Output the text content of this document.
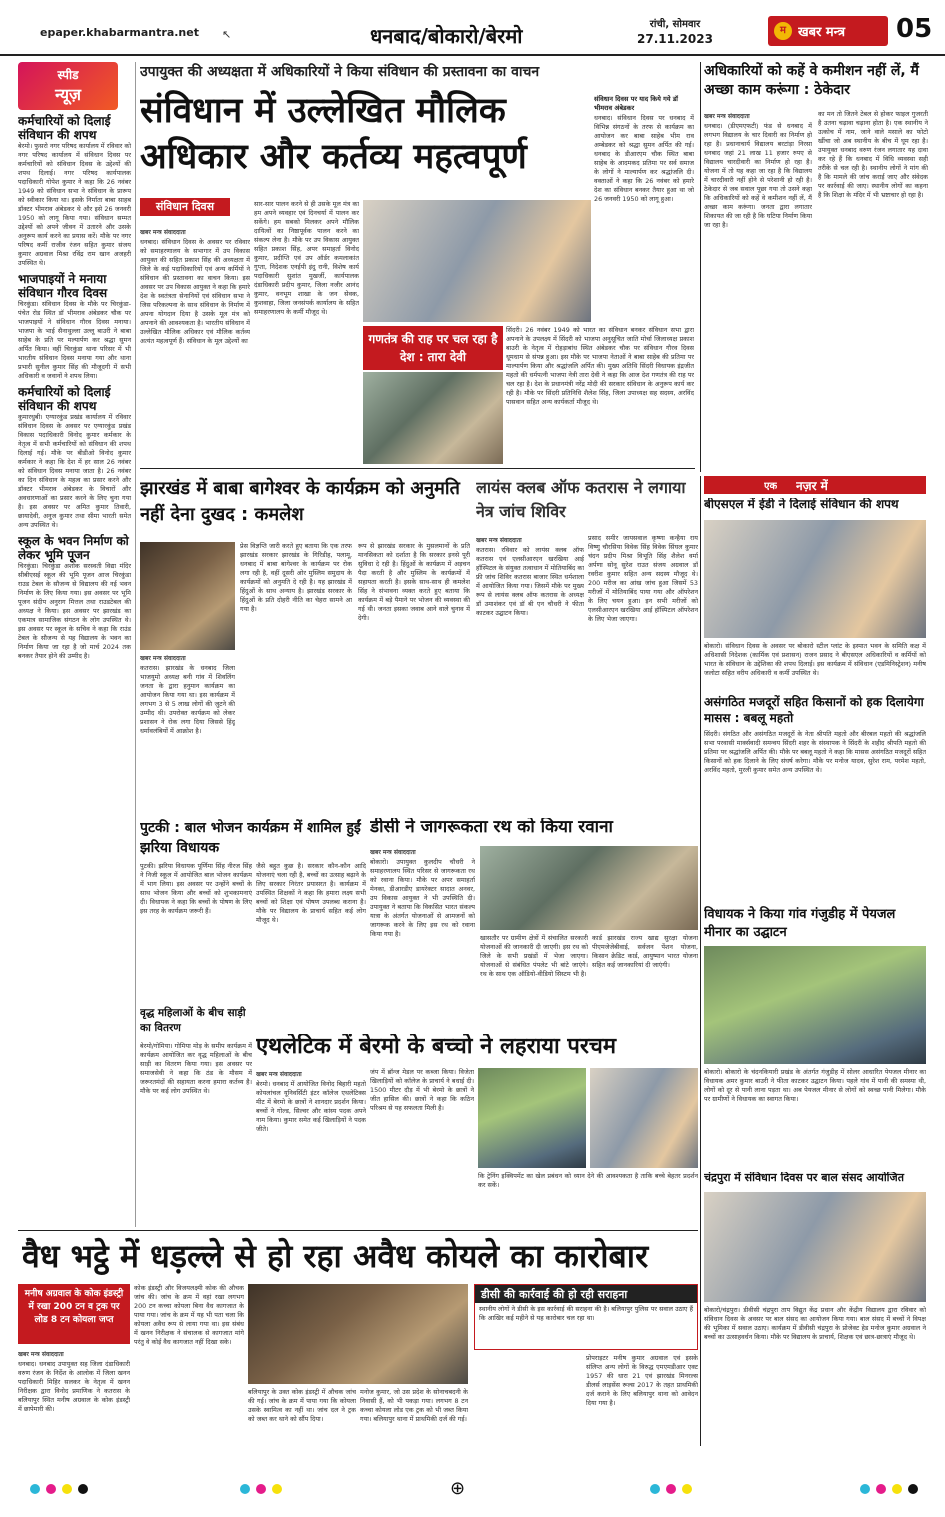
epaper.khabarmantra.net	↖	धनबाद/बोकारो/बेरमो	रांची, सोमवार
27.11.2023
म खबर मन्त्र	05
स्पीड
न्यूज़
कर्मचारियों को दिलाई संविधान की शपथ
बेरमो। फुसरो नगर परिषद कार्यालय में रविवार को नगर परिषद कार्यालय में संविधान दिवस पर कर्मचारियों को संविधान दिवस के उद्देश्यों की शपथ दिलाई। नगर परिषद कार्यपालक पदाधिकारी गोपेश कुमार ने कहा कि 26 नवंबर 1949 को संविधान सभा ने संविधान के प्रारूप को स्वीकार किया था। इसके निर्माता बाबा साहब डॉक्टर भीमराव अंबेडकर थे और इसे 26 जनवरी 1950 को लागू किया गया। संविधान सम्मत उद्देश्यों को अपने जीवन में उतारने और उसके अनुरूप कार्य करने का प्रयास करें। मौके पर नगर परिषद कर्मी राजीव रंजन सहित कुमार संजय कुमार अग्रवाल मिश्रा रविंद्र राम खान अजहरी उपस्थित थे।
भाजपाइयों ने मनाया संविधान गौरव दिवस
चिरकुंडा। संविधान दिवस के मौके पर चिरकुंडा-पंचेत रोड स्थित डॉ भीमराव अंबेडकर चौक पर भाजपाइयों ने संविधान गौरव दिवस मनाया। भाजपा के भाई सैनाथुल्ला उल्लू बाउरी ने बाबा साहेब के प्रति पर मल्यार्पण कर श्रद्धा सुमन अर्पित किया। वहीं चिरकुंडा थाना परिसर में भी भारतीय संविधान दिवस मनाया गया और थाना प्रभारी सुनील कुमार सिंह की मौजूदगी में सभी अधिकारी व जवानों ने शपथ लिया।
कर्मचारियों को दिलाई संविधान की शपथ
कुमारधुबी। एग्यारकुंड प्रखंड कार्यालय में रविवार संविधान दिवस के अवसर पर एग्यारकुंड प्रखंड विकास पदाधिकारी विनोद कुमार कर्मकार के नेतृत्व में सभी कर्मचारियों को संविधान की शपथ दिलाई गई। मौके पर बीडीओ विनोद कुमार कर्मकार ने कहा कि देश में हर साल 26 नवंबर को संविधान दिवस मनाया जाता है। 26 नवंबर का दिन संविधान के महत्व का प्रसार करने और डॉक्टर भीमराव अंबेडकर के विचारों और अवधारणाओं का प्रसार करने के लिए चुना गया है। इस अवसर पर अमित कुमार तिवारी, छायादेवी, अनुज कुमार तथा सीमा भारती समेत अन्य उपस्थित थे।
स्कूल के भवन निर्माण को लेकर भूमि पूजन
चिरकुंडा। चिरकुंडा अशोक सरस्वती विद्या मंदिर सीबीएसई स्कूल की भूमि पूजन आज चिरकुंडा राउड टेबल के सौजन्य से विद्यालय की नई भवन निर्माण के लिए किया गया। इस अवसर पर भूमि पूजन संदीप अनुराग मित्तल तथा राउडटेबल की अध्यक्ष ने किया। इस अवसर पर झारखंड का एकमात्र सामाजिक संगठन के लोग उपस्थित थे। इस अवसर पर स्कूल के सचिव ने कहा कि राउंड टेबल के सौजन्य से यह विद्यालय के भवन का निर्माण किया जा रहा है जो मार्च 2024 तक बनकर तैयार होने की उम्मीद है।
उपायुक्त की अध्यक्षता में अधिकारियों ने किया संविधान की प्रस्तावना का वाचन
संविधान में उल्लेखित मौलिक अधिकार और कर्तव्य महत्वपूर्ण
संविधान दिवस
खबर मन्त्र संवाददाता
धनबाद। संविधान दिवस के अवसर पर रविवार को समाहरणालय के सभागार में उप विकास आयुक्त की सहित प्रकाश सिंह की अध्यक्षता में जिले के कई पदाधिकारियों एवं अन्य कर्मियों ने संविधान की प्रस्तावना का वाचन किया। इस अवसर पर उप विकास आयुक्त ने कहा कि हमारे देश के स्वतंत्रता सेनानियों एवं संविधान सभा ने जिस परिकल्पना के साथ संविधान के निर्माण में अपना योगदान दिया है उसके मूल मंत्र को अपनाने की आवश्यकता है। भारतीय संविधान में उल्लेखित मौलिक अधिकार एवं मौलिक कर्तव्य अत्यंत महत्वपूर्ण हैं। संविधान के मूल उद्देश्यों का
सार-सार पालन करने से ही उसके मूल मंत्र का हम अपने व्यवहार एवं दिनचर्या में पालन कर सकेंगे। हम सबको मिलकर अपने मौलिक दायित्वों का निष्ठापूर्वक पालन करने का संकल्प लेना है। मौके पर उप विकास आयुक्त सहित प्रकाश सिंह, अपर समाहर्ता विनोद कुमार, प्रदीप्ति एवं उप ऑर्डर कमलाकांत गुप्ता, निदेशक एनईपी इंदु रानी, विशेष कार्य पदाधिकारी सुशांत मुखर्जी, कार्यपालक दंडाधिकारी प्रदीप कुमार, जिला नजीर आनंद कुमार, वनभूम शाखा के जन सेवक, कुशवाहा, जिला जनसंपर्क कार्यालय के सहित समाहरणालय के कर्मी मौजूद थे।
संविधान दिवस पर याद किये गये डॉ भीमराव अंबेडकर
धनबाद। संविधान दिवस पर धनबाद में विभिन्न संगठनों के तरफ से कार्यक्रम का आयोजन कर बाबा साहेब भीम राव अम्बेडकर को श्रद्धा सुमन अर्पित की गई। धनबाद के डीआरएम चौक स्थित बाबा साहेब के आदमकद प्रतिमा पर सर्व समाज के लोगों ने माल्यार्पण कर श्रद्धांजलि दी। वक्ताओं ने कहा कि 26 नवंबर को हमारे देश का संविधान बनकर तैयार हुआ था जो 26 जनवरी 1950 को लागू हुआ।
गणतंत्र की राह पर चल रहा है देश : तारा देवी
सिंदरी। 26 नवंबर 1949 को भारत का संविधान बनकर संविधान सभा द्वारा अपनाने के उपलक्ष्य में सिंदरी को भाजपा अनुसूचित जाति मोर्चा जिलाध्यक्ष प्रकाश बाउरी के नेतृत्व में रोहड़ाबांध स्थित अंबेडकर चौक पर संविधान गौरव दिवस धूमधाम से संपन्न हुआ। इस मौके पर भाजपा नेताओं ने बाबा साहेब की प्रतिमा पर माल्यार्पण किया और श्रद्धांजलि अर्पित की। मुख्य अतिथि सिंदरी विधायक इंद्रजीत महतो की धर्मपत्नी भाजपा नेत्री तारा देवी ने कहा कि आज देश गणतंत्र की राह पर चल रहा है। देश के प्रधानमंत्री नरेंद्र मोदी की सरकार संविधान के अनुरूप कार्य कर रही है। मौके पर सिंदरी प्रतिनिधि शैलेश सिंह, जिला उपाध्यक्ष सह सदस्य, अरविंद पासवान सहित अन्य कार्यकर्ता मौजूद थे।
अधिकारियों को कहें वे कमीशन नहीं लें, मैं अच्छा काम करूंगा : ठेकेदार
खबर मन्त्र संवाददाता
धनबाद। (डीएमएफटी) फंड से धनबाद में लगभग विद्यालय के चार दिवारी का निर्माण हो रहा है। प्रधानाचार्य विद्यालय बरटांड़ा निरसा धनबाद जहां 21 लाख 11 हजार रुपए से विद्यालय चारदीवारी का निर्माण हो रहा है। योजना में तो यह कहा जा रहा है कि विद्यालय में चारदीवारी नहीं होने से परेशानी हो रही है। ठेकेदार से जब सवाल पूछा गया तो उसने कहा कि अधिकारियों को कहें वे कमीशन नहीं लें, मैं अच्छा काम करूंगा। जनता द्वारा लगातार शिकायत की जा रही है कि घटिया निर्माण किया जा रहा है।
का मन तो जितने टेबल से होकर फाइल गुजरती है उतना चढ़ावा चढ़ाना होता है। एक स्थानीय ने उत्कोच में नाम, जाने वाले मसाले का फोटो खींचा जो अब स्थानीय के बीच में घूम रहा है। उपायुक्त धनबाद वरुण रंजन लगातार यह दावा कर रहे हैं कि धनबाद में विधि व्यवस्था सही तरीके से चल रही है। स्थानीय लोगों ने मांग की है कि मामले की जांच कराई जाए और संवेदक पर कार्रवाई की जाए। स्थानीय लोगों का कहना है कि शिक्षा के मंदिर में भी भ्रष्टाचार हो रहा है।
झारखंड में बाबा बागेश्वर के कार्यक्रम को अनुमति नहीं देना दुखद : कमलेश
खबर मन्त्र संवाददाता
कतरास। झारखंड के धनबाद जिला भाजयुमो अध्यक्ष बनी गांव में शिवलिंग जनता के द्वारा हनुमान कार्यक्रम का आयोजन किया गया था। इस कार्यक्रम में लगभग 3 से 5 लाख लोगों की जुटने की उम्मीद थी। उपरोक्त कार्यक्रम को लेकर प्रशासन ने रोक लगा दिया जिससे हिंदू धर्मावलंबियों में आक्रोश है।
प्रेस विज्ञप्ति जारी करते हुए बताया कि एक तरफ झारखंड सरकार झारखंड के गिरिडीह, पलामू, धनबाद में बाबा बागेश्वर के कार्यक्रम पर रोक लगा रही है, वहीं दूसरी ओर मुस्लिम समुदाय के कार्यक्रमों को अनुमति दे रही है। यह झारखंड में हिंदुओं के साथ अन्याय है। झारखंड सरकार के हिंदुओं के प्रति दोहरी नीति का चेहरा सामने आ गया है।
रूप से झारखंड सरकार के मुसलमानों के प्रति मानसिकता को दर्शाता है कि सरकार इनसे पूरी सुविधा दे रही है। हिंदुओं के कार्यक्रम में अड़चन पैदा करती है और मुस्लिम के कार्यक्रमों में सहायता करती है। इसके साथ-साथ ही कमलेश सिंह ने संभावना व्यक्त करते हुए बताया कि कार्यक्रम में बड़े पैमाने पर भोजन की व्यवस्था की गई थी। जनता इसका जवाब आने वाले चुनाव में देगी।
लायंस क्लब ऑफ कतरास ने लगाया नेत्र जांच शिविर
खबर मन्त्र संवाददाता
कतरास। रविवार को लायंस क्लब ऑफ कतरास एवं एलसीआरएन खरखिया आई हॉस्पिटल के संयुक्त तत्वाधान में मोतियाबिंद का फ्री जांच शिविर कतरास बाजार स्थित धर्मशाला में आयोजित किया गया। जिसमें मौके पर मुख्य रूप से लायंस क्लब ऑफ कतरास के अध्यक्ष डॉ उमाशंकर एवं डॉ बी एन चौधरी ने फीता काटकर उद्घाटन किया।
प्रसाद समीर जायसवाल कृष्णा कन्हैया राय विष्णु चौरसिया विवेक सिंह विवेक सिंघल कुमार चंदन प्रदीप मिश्रा विभूति सिंह शैलेश वर्मा अर्पणा सोनू सुरेश राउत संजय अग्रवाल डॉ रवरीश कुमार सहित अन्य सदस्य मौजूद थे। 200 मरीज का आंख जांच हुआ जिसमें 53 मरीजों में मोतियाबिंद पाया गया और ऑपरेशन के लिए चयन हुआ। इन सभी मरीजों को एलसीआरएन खरखिया आई हॉस्पिटल ऑपरेशन के लिए भेजा जाएगा।
एक नज़र में
बीएसएल में ईडी ने दिलाई संविधान की शपथ
बोकारो। संविधान दिवस के अवसर पर बोकारो स्टील प्लांट के इस्पात भवन के समिति कक्ष में अधिशासी निदेशक (कार्मिक एवं प्रशासन) राजन प्रसाद ने बीएसएल अधिकारियों व कर्मियों को भारत के संविधान के उद्देशिका की शपथ दिलाई। इस कार्यक्रम में संविधान (एडमिनिस्ट्रेशन) मनीष जलोटा सहित वरीय अधिकारी व कर्मी उपस्थित थे।
असंगठित मजदूरों सहित किसानों को हक दिलायेगा मासस : बबलू महतो
सिंदरी। संगठित और असंगठित मजदूरों के नेता श्रीपति महतो और बीरबल महतो की श्रद्धांजलि सभा परवासी मार्क्सवादी समन्वय सिंदरी शहर के संस्थापक ने सिंदरी के शहीद श्रीपति महतो की प्रतिमा पर श्रद्धांजलि अर्पित की। मौके पर बबलू महतो ने कहा कि मासस असंगठित मजदूरों सहित किसानों को हक दिलाने के लिए संघर्ष करेगा। मौके पर मनोज यादव, सुरेश राम, परमेश महतो, अरविंद महतो, मुरली कुमार समेत अन्य उपस्थित थे।
विधायक ने किया गांव गंजुडीह में पेयजल मीनार का उद्घाटन
बोकारो। बोकारो के चंदनकियारी प्रखंड के अंतर्गत गंजुडीह में सोलर आधारित पेयजल मीनार का विधायक अमर कुमार बाउरी ने फीता काटकर उद्घाटन किया। पहले गांव में पानी की समस्या थी, लोगों को दूर से पानी लाना पड़ता था। अब पेयजल मीनार से लोगों को स्वच्छ पानी मिलेगा। मौके पर ग्रामीणों ने विधायक का स्वागत किया।
चंद्रपुरा में संविधान दिवस पर बाल संसद आयोजित
बोकारो/चंद्रपुरा। डीवीसी चंद्रपुरा ताप विद्युत केंद्र प्रधान और केंद्रीय विद्यालय द्वारा रविवार को संविधान दिवस के अवसर पर बाल संसद का आयोजन किया गया। बाल संसद में बच्चों ने विपक्ष की भूमिका में सवाल उठाए। कार्यक्रम में डीवीसी चंद्रपुरा के प्रोजेक्ट हेड मनोज कुमार अग्रवाल ने बच्चों का उत्साहवर्धन किया। मौके पर विद्यालय के प्राचार्य, शिक्षक एवं छात्र-छात्राएं मौजूद थे।
पुटकी : बाल भोजन कार्यक्रम में शामिल हुईं झरिया विधायक
पुटकी। झरिया विधायक पूर्णिमा सिंह नीरज सिंह ने निजी स्कूल में आयोजित बाल भोजन कार्यक्रम में भाग लिया। इस अवसर पर उन्होंने बच्चों के साथ भोजन किया और बच्चों को शुभकामनाएं दी। विधायक ने कहा कि बच्चों के पोषण के लिए इस तरह के कार्यक्रम जरूरी हैं।
जैसे बहुत कुछ है। सरकार कौन-कौन आदि योजनाएं चला रही है, बच्चों का उत्साह बढ़ाने के लिए सरकार निरंतर प्रयासरत है। कार्यक्रम में उपस्थित शिक्षकों ने कहा कि हमारा लक्ष्य सभी बच्चों को शिक्षा एवं पोषण उपलब्ध कराना है। मौके पर विद्यालय के प्राचार्य सहित कई लोग मौजूद थे।
वृद्ध महिलाओं के बीच साड़ी का वितरण
बेरमो/गोमिया। गोमिया मोड़ के समीप कार्यक्रम में कार्यक्रम आयोजित कर वृद्ध महिलाओं के बीच साड़ी का वितरण किया गया। इस अवसर पर समाजसेवी ने कहा कि ठंड के मौसम में जरूरतमंदों की सहायता करना हमारा कर्तव्य है। मौके पर कई लोग उपस्थित थे।
डीसी ने जागरूकता रथ को किया रवाना
खबर मन्त्र संवाददाता
बोकारो। उपायुक्त कुलदीप चौधरी ने समाहरणालय स्थित परिसर से जागरूकता रथ को रवाना किया। मौके पर अपर समाहर्ता मेनका, डीआरडीए डायरेक्टर सादात अनवर, उप विकास आयुक्त ने भी उपस्थिति दी। उपायुक्त ने बताया कि विकसित भारत संकल्प यात्रा के अंतर्गत योजनाओं से आमजनों को जागरूक करने के लिए इस रथ को रवाना किया गया है।	खासतौर पर ग्रामीण क्षेत्रों में संचालित सरकारी योजनाओं की जानकारी दी जाएगी। इस रथ को जिले के सभी प्रखंडों में भेजा जाएगा। योजनाओं से संबंधित पंपलेट भी बांटे जाएंगे। रथ के साथ एक ऑडियो-वीडियो सिस्टम भी है।
कार्ड झारखंड राज्य खाद्य सुरक्षा योजना पीएमजेजेबीवाई, सर्वजन पेंशन योजना, किसान क्रेडिट कार्ड, आयुष्मान भारत योजना सहित कई जानकारियां दी जाएंगी।
एथलेटिक में बेरमो के बच्चो ने लहराया परचम
खबर मन्त्र संवाददाता
बेरमो। धनबाद में आयोजित विनोद बिहारी महतो कोयलांचल यूनिवर्सिटी इंटर कॉलेज एथलेटिक्स मीट में बेरमो के छात्रों ने शानदार प्रदर्शन किया। बच्चों ने गोल्ड, सिल्वर और कांस्य पदक अपने नाम किया। कुमार समेत कई खिलाड़ियों ने पदक जीते।
जंप में ब्रॉन्ज मेडल पर कब्जा किया। विजेता खिलाड़ियों को कॉलेज के प्राचार्य ने बधाई दी। 1500 मीटर दौड़ में भी बेरमो के छात्रों ने जीत हासिल की। छात्रों ने कहा कि कठिन परिश्रम से यह सफलता मिली है।
कि ट्रेनिंग इक्विपमेंट का खेल प्रबंधन को ध्यान देने की आवश्यकता है ताकि बच्चे बेहतर प्रदर्शन कर सकें।
वैध भट्ठे में धड़ल्ले से हो रहा अवैध कोयले का कारोबार
मनीष अग्रवाल के कोक इंडस्ट्री में रखा 200 टन व ट्रक पर लोड 8 टन कोयला जप्त
खबर मन्त्र संवाददाता
धनबाद। धनबाद उपायुक्त सह जिला दंडाधिकारी वरुण रंजन के निर्देश के आलोक में जिला खनन पदाधिकारी मिहिर सलकर के नेतृत्व में खनन निरीक्षक द्वारा विनोद प्रमाणिक ने कतरास के बलियापुर स्थित मनीष अग्रवाल के कोक इंडस्ट्री में छापेमारी की।
कोक इंडस्ट्री और विजयलक्ष्मी कोक की औचक जांच की। जांच के क्रम में वहां रखा लगभग 200 टन कच्चा कोयला बिना वैध कागजात के पाया गया। जांच के क्रम में यह भी पता चला कि कोयला अवैध रूप से लाया गया था। इस संबंध में खनन निरीक्षक ने संचालक से कागजात मांगे परंतु वे कोई वैध कागजात नहीं दिखा सके।
डीसी की कार्रवाई की हो रही सराहना
स्थानीय लोगों ने डीसी के इस कार्रवाई की सराहना की है। बलियापुर पुलिस पर सवाल उठाए हैं कि आखिर कई महीने से यह कारोबार चल रहा था।
बलियापुर के उक्त कोक इंडस्ट्री में औचक जांच की गई। जांच के क्रम में पाया गया कि कोयला उसके स्वामित्व का नहीं था। जांच दल ने ट्रक को जब्त कर थाने को सौंप दिया।
मनोज कुमार, जो उस प्रदेश के सोनाचबदनी के निवासी हैं, को भी पकड़ा गया। लगभग 8 टन कच्चा कोयला लोड एक ट्रक को भी जब्त किया गया। बलियापुर थाना में प्राथमिकी दर्ज की गई।
प्रोपराइटर मनीष कुमार अग्रवाल एवं इसके संलिप्त अन्य लोगों के विरुद्ध एमएमडीआर एक्ट 1957 की धारा 21 एवं झारखंड मिनरल्स डीलर्स लाइसेंस रूल्स 2017 के तहत प्राथमिकी दर्ज कराने के लिए बलियापुर थाना को आवेदन दिया गया है।
⊕
